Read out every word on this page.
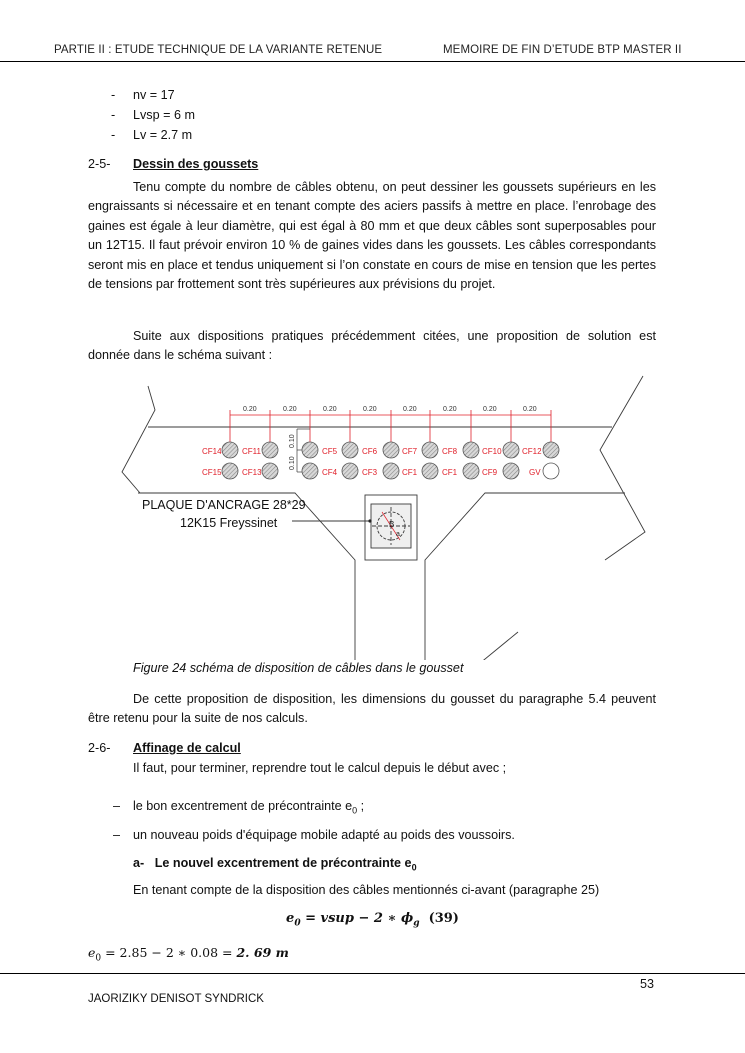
PARTIE II : ETUDE TECHNIQUE DE LA VARIANTE RETENUE	MEMOIRE DE FIN D’ETUDE BTP MASTER II
- nv = 17
- Lvsp = 6 m
- Lv = 2.7 m
2-5- Dessin des goussets

Tenu compte du nombre de câbles obtenu, on peut dessiner les goussets supérieurs en les engraissants si nécessaire et en tenant compte des aciers passifs à mettre en place. l’enrobage des gaines est égale à leur diamètre, qui est égal à 80 mm et que deux câbles sont superposables pour un 12T15. Il faut prévoir environ 10 % de gaines vides dans les goussets. Les câbles correspondants seront mis en place et tendus uniquement si l’on constate en cours de mise en tension que les pertes de tensions par frottement sont très supérieures aux prévisions du projet.

Suite aux dispositions pratiques précédemment citées, une proposition de solution est donnée dans le schéma suivant :

B
a
0.20	0.20	0.20	0.20	0.20	0.20	0.20	0.20
0.10
0.10
CF14	CF11	CF5	CF6	CF7	CF8	CF10	CF12
CF15	CF13	CF4	CF3	CF1	CF1	CF9	GV
PLAQUE D'ANCRAGE 28*29
12K15 Freyssinet
Figure 24 schéma de disposition de câbles dans le gousset

De cette proposition de disposition, les dimensions du gousset du paragraphe 5.4 peuvent être retenu pour la suite de nos calculs.

2-6- Affinage de calcul
Il faut, pour terminer, reprendre tout le calcul depuis le début avec ;
– le bon excentrement de précontrainte $e_0$ ;
– un nouveau poids d'équipage mobile adapté au poids des voussoirs.
a- Le nouvel excentrement de précontrainte $e_0$
En tenant compte de la disposition des câbles mentionnés ci-avant (paragraphe 25)
$e_0$ = vsup − 2 ∗ $\phi_g$ (39)
$e_0 = 2.85 - 2$ ∗ 0.08 = 2. 69 m
53
JAORIZIKY DENISOT SYNDRICK
